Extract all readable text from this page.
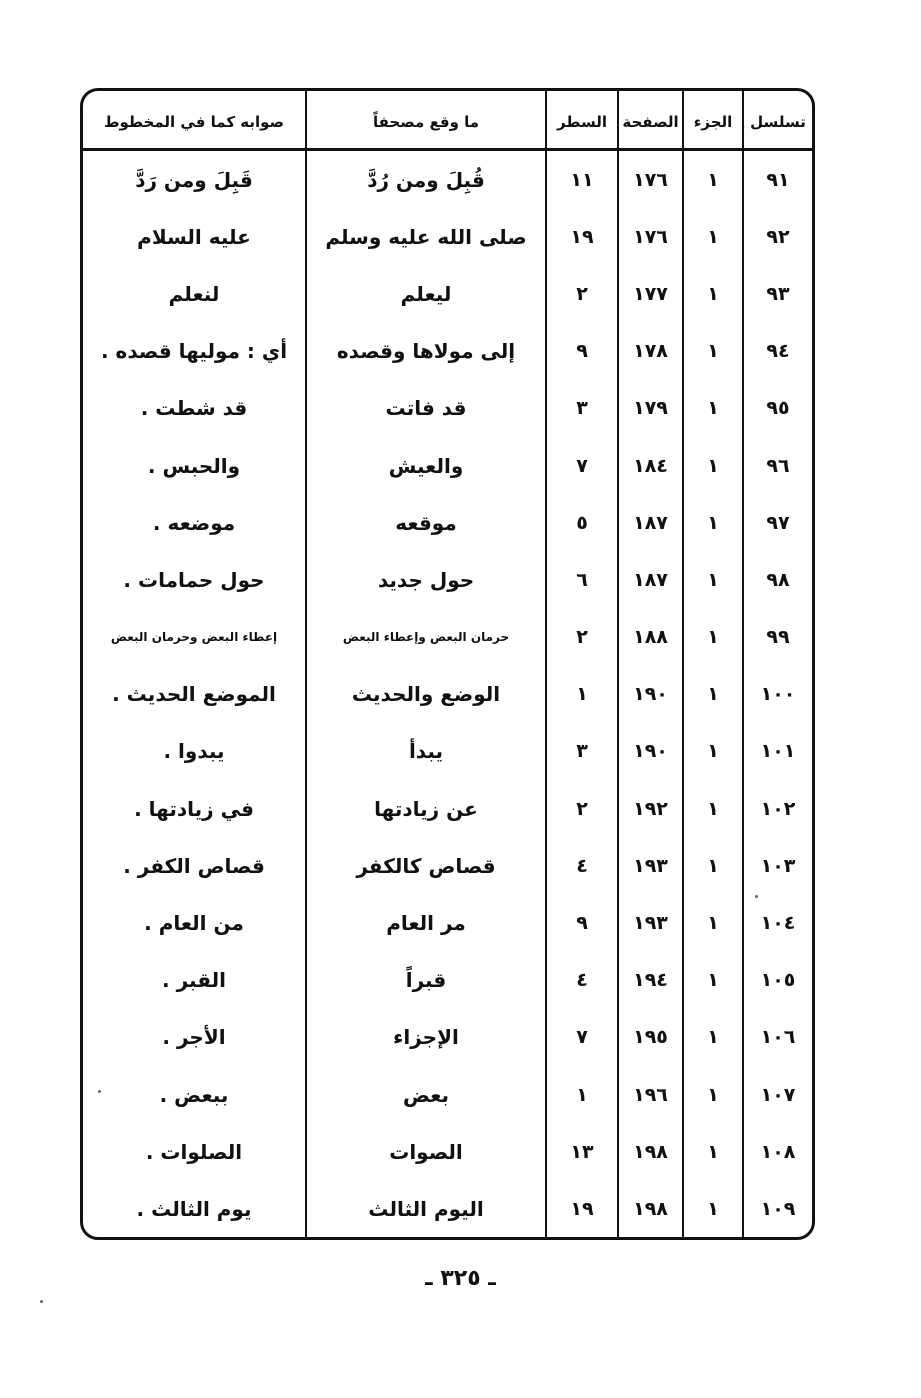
تسلسل
الجزء
الصفحة
السطر
ما وقع مصحفاً
صوابه كما في المخطوط
٩١
١
١٧٦
١١
قُبِلَ ومن رُدَّ
قَبِلَ ومن رَدَّ
٩٢
١
١٧٦
١٩
صلى الله عليه وسلم
عليه السلام
٩٣
١
١٧٧
٢
ليعلم
لنعلم
٩٤
١
١٧٨
٩
إلى مولاها وقصده
أي : موليها قصده .
٩٥
١
١٧٩
٣
قد فاتت
قد شطت .
٩٦
١
١٨٤
٧
والعيش
والحبس .
٩٧
١
١٨٧
٥
موقعه
موضعه .
٩٨
١
١٨٧
٦
حول جديد
حول حمامات .
٩٩
١
١٨٨
٢
حرمان البعض وإعطاء البعض
إعطاء البعض وحرمان البعض
١٠٠
١
١٩٠
١
الوضع والحديث
الموضع الحديث .
١٠١
١
١٩٠
٣
يبدأ
يبدوا .
١٠٢
١
١٩٢
٢
عن زيادتها
في زيادتها .
١٠٣
١
١٩٣
٤
قصاص كالكفر
قصاص الكفر .
١٠٤
١
١٩٣
٩
مر العام
من العام .
١٠٥
١
١٩٤
٤
قبراً
القبر .
١٠٦
١
١٩٥
٧
الإجزاء
الأجر .
١٠٧
١
١٩٦
١
بعض
ببعض .
١٠٨
١
١٩٨
١٣
الصوات
الصلوات .
١٠٩
١
١٩٨
١٩
اليوم الثالث
يوم الثالث .
ـ ٣٢٥ ـ
